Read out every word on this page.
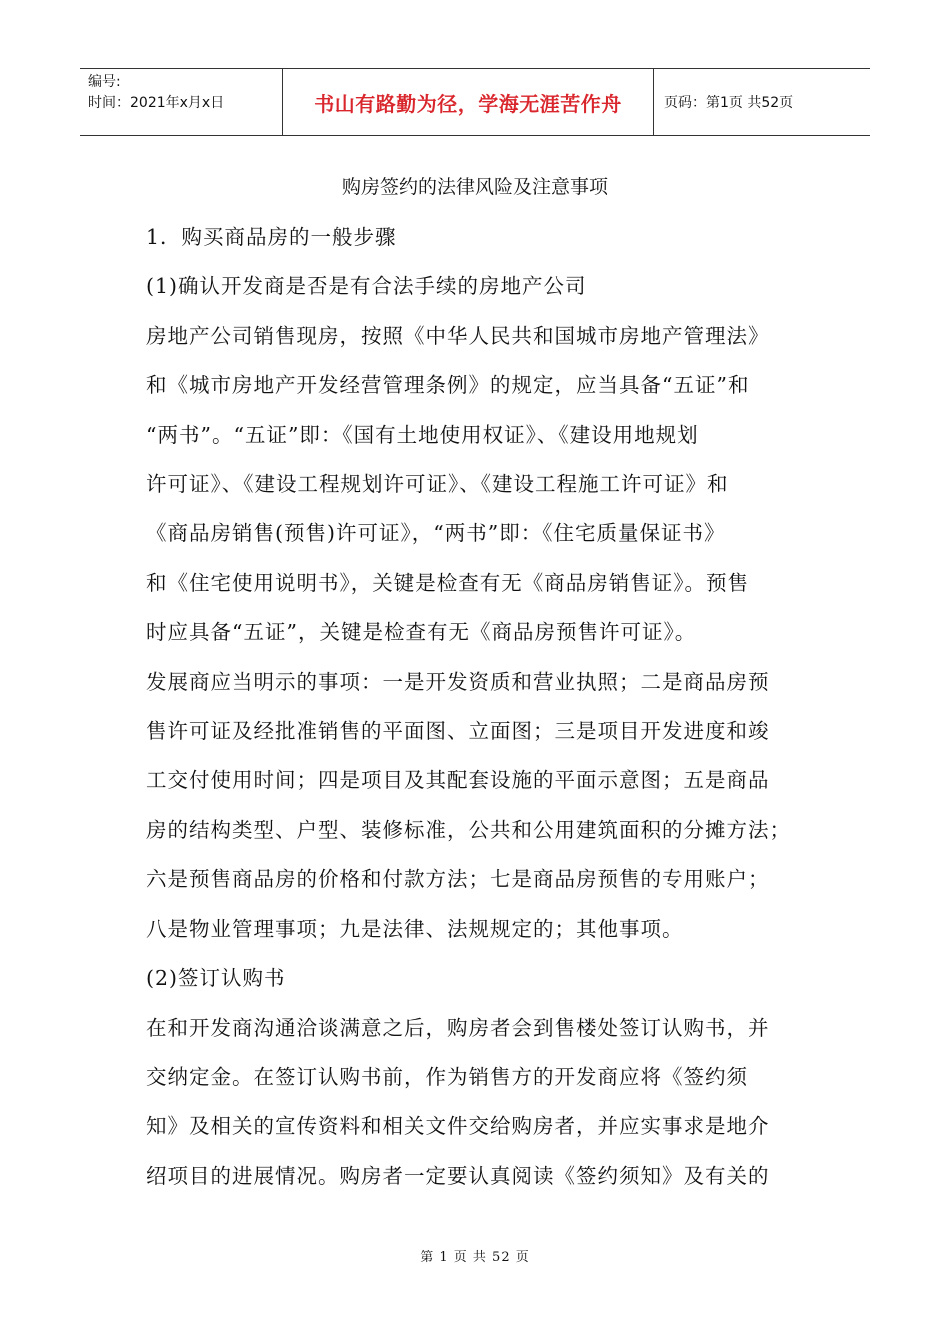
编号:
时间：2021年x月x日	书山有路勤为径，学海无涯苦作舟	页码：第1页 共52页
购房签约的法律风险及注意事项

1．购买商品房的一般步骤

(1)确认开发商是否是有合法手续的房地产公司

房地产公司销售现房，按照《中华人民共和国城市房地产管理法》

和《城市房地产开发经营管理条例》的规定，应当具备“五证”和

“两书”。“五证”即：《国有土地使用权证》、《建设用地规划

许可证》、《建设工程规划许可证》、《建设工程施工许可证》和

《商品房销售(预售)许可证》，“两书”即：《住宅质量保证书》

和《住宅使用说明书》，关键是检查有无《商品房销售证》。预售

时应具备“五证”，关键是检查有无《商品房预售许可证》。

发展商应当明示的事项：一是开发资质和营业执照；二是商品房预

售许可证及经批准销售的平面图、立面图；三是项目开发进度和竣

工交付使用时间；四是项目及其配套设施的平面示意图；五是商品

房的结构类型、户型、装修标准，公共和公用建筑面积的分摊方法；

六是预售商品房的价格和付款方法；七是商品房预售的专用账户；

八是物业管理事项；九是法律、法规规定的；其他事项。

(2)签订认购书

在和开发商沟通洽谈满意之后，购房者会到售楼处签订认购书，并

交纳定金。在签订认购书前，作为销售方的开发商应将《签约须

知》及相关的宣传资料和相关文件交给购房者，并应实事求是地介

绍项目的进展情况。购房者一定要认真阅读《签约须知》及有关的

第 1 页 共 52 页
